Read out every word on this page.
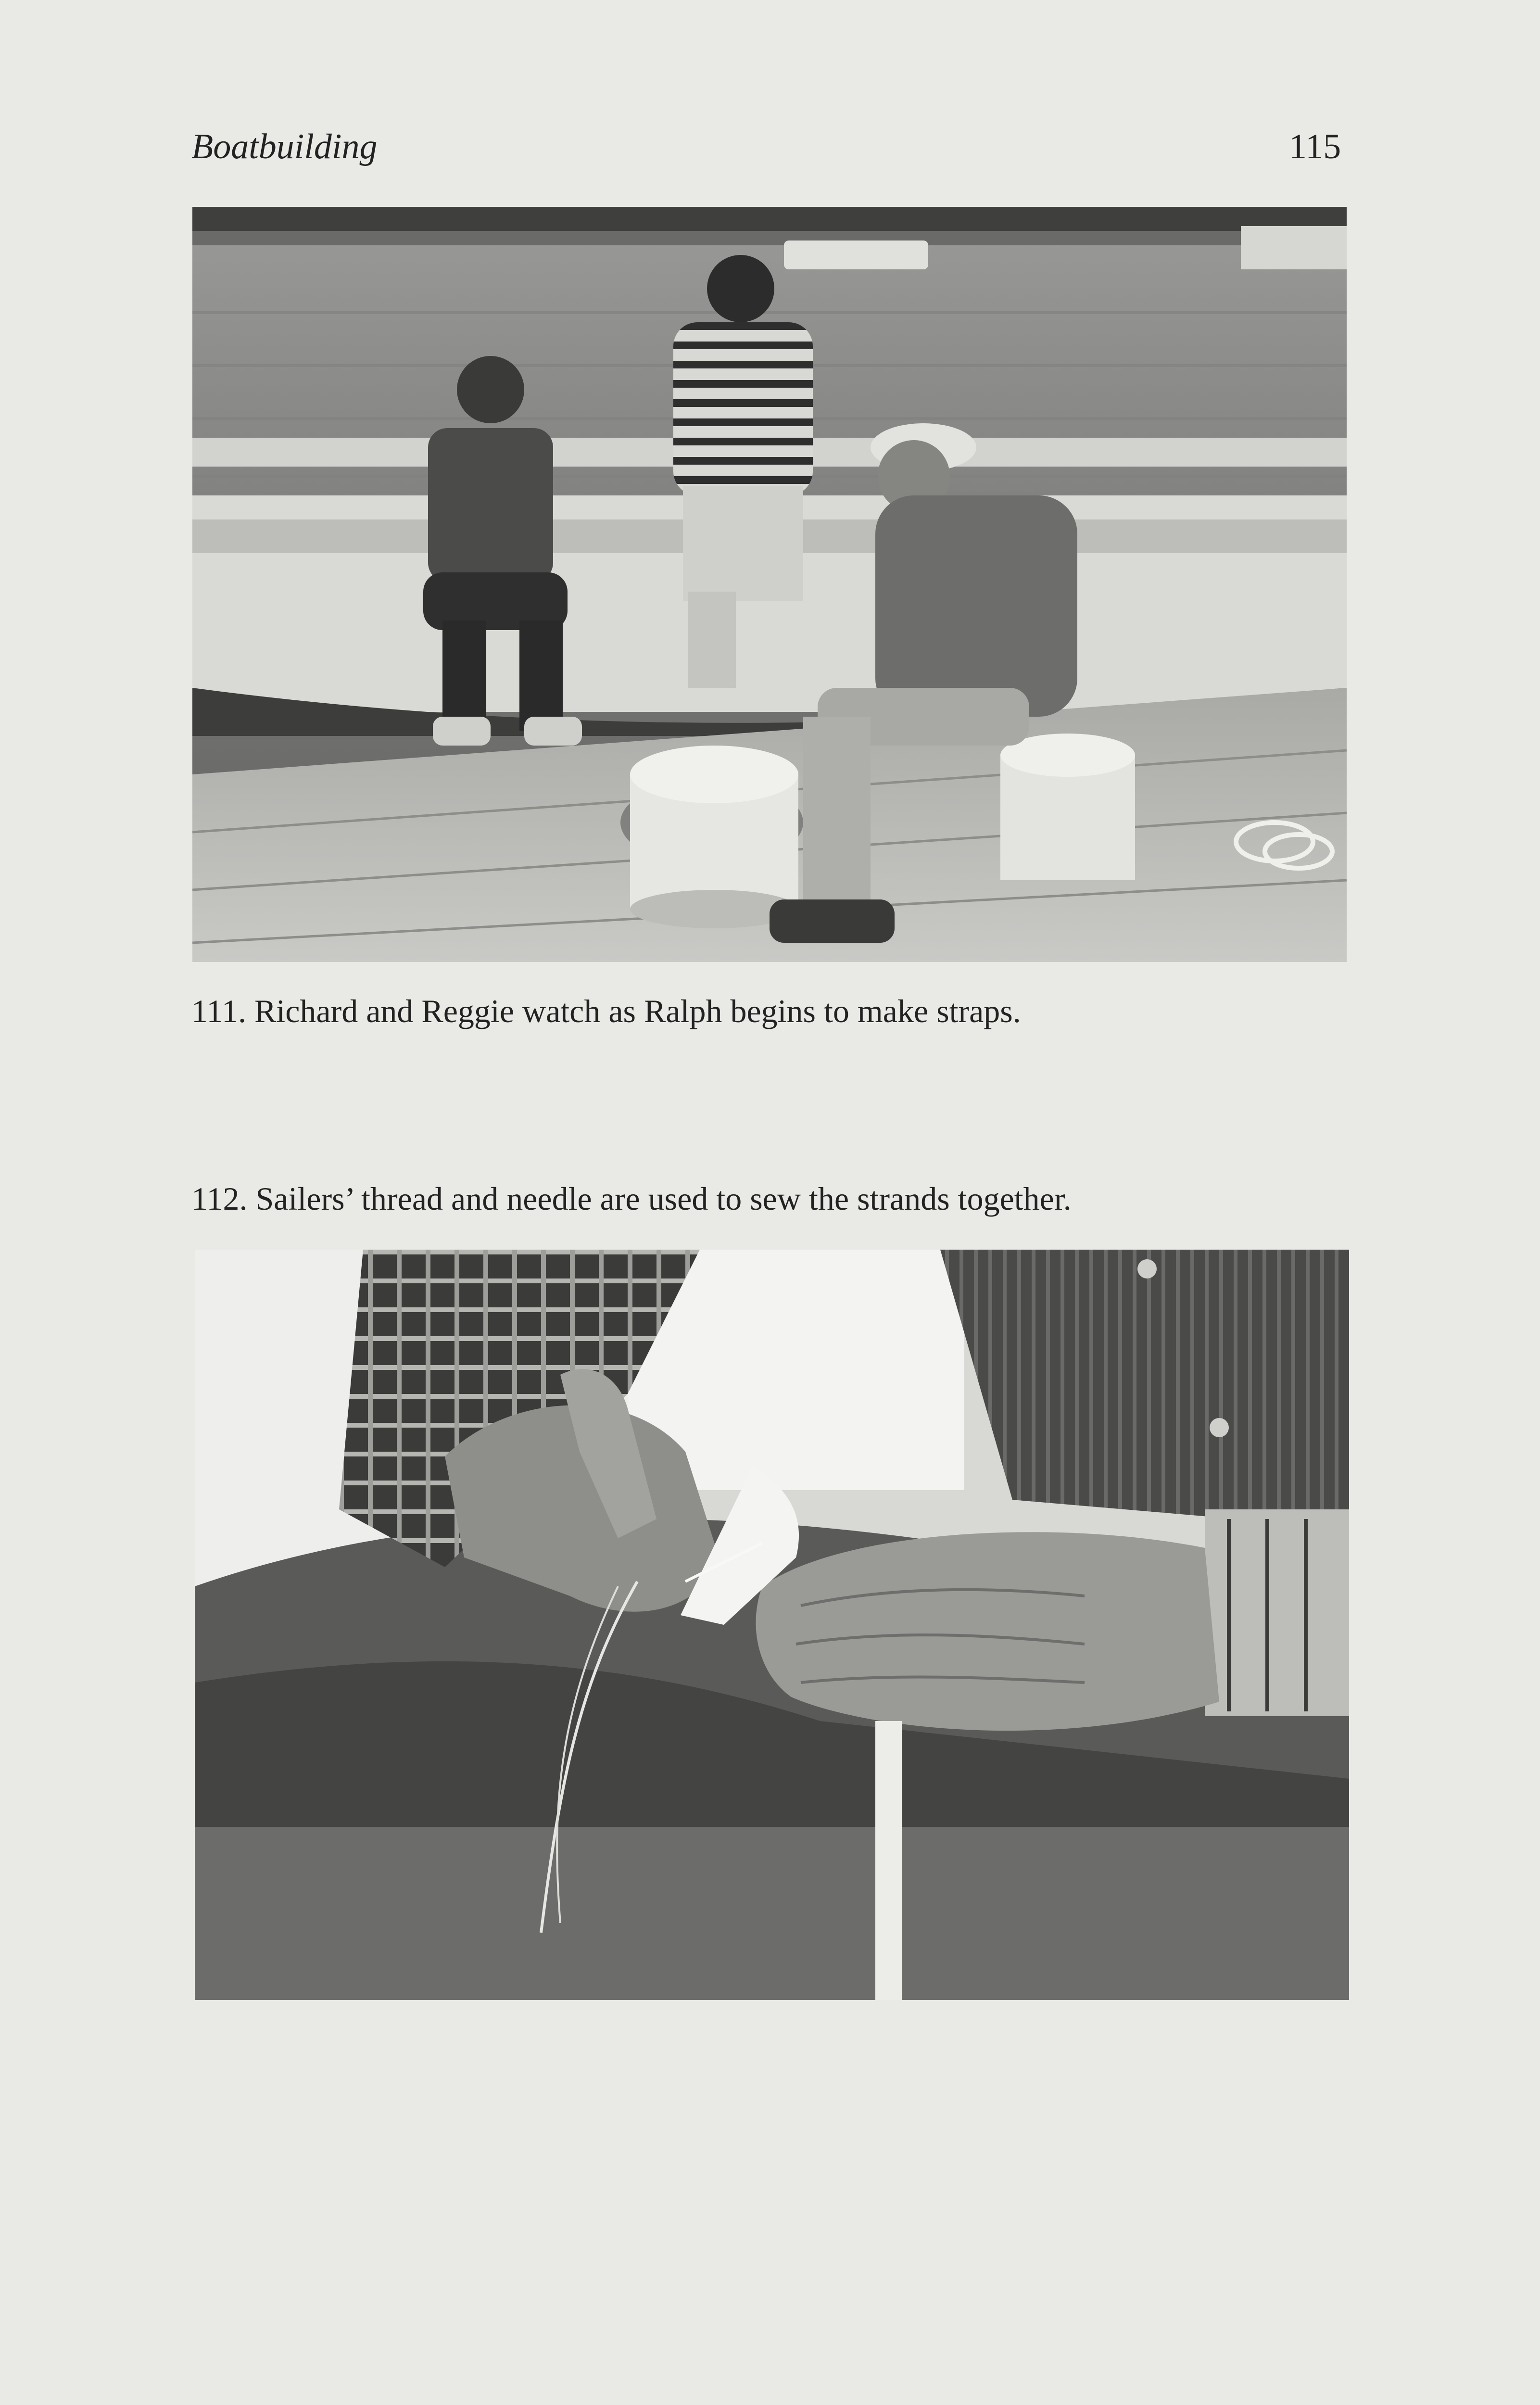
Boatbuilding	115
111. Richard and Reggie watch as Ralph begins to make straps.
112. Sailers’ thread and needle are used to sew the strands together.
